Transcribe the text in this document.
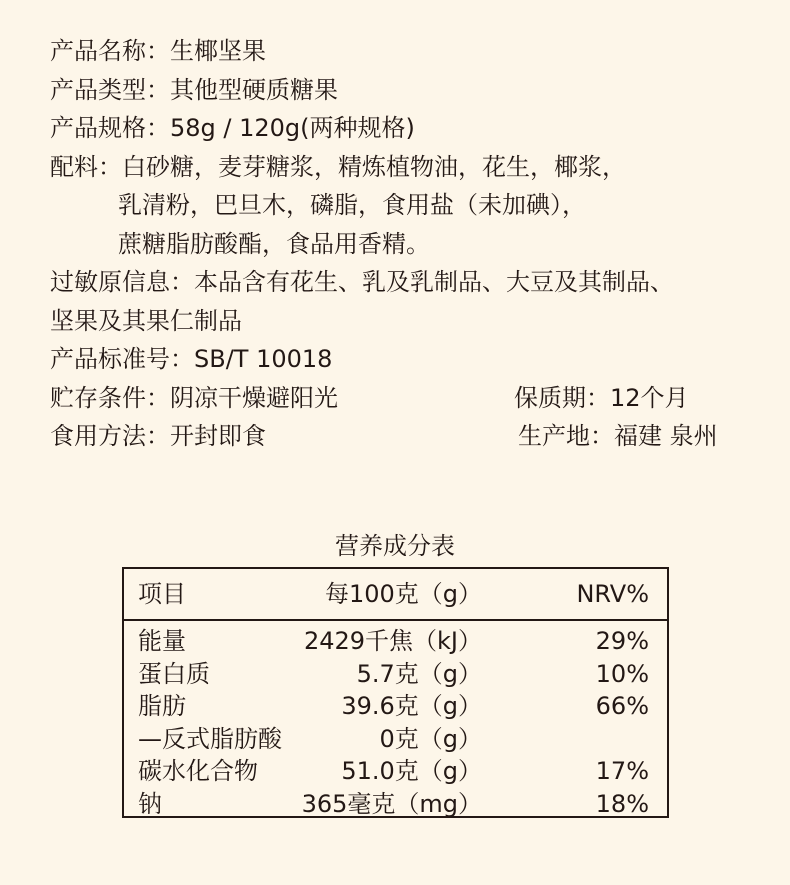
产品名称：生椰坚果
产品类型：其他型硬质糖果
产品规格：58g / 120g(两种规格)
配料：白砂糖，麦芽糖浆，精炼植物油，花生，椰浆，
乳清粉，巴旦木，磷脂，食用盐（未加碘），
蔗糖脂肪酸酯，食品用香精。
过敏原信息：本品含有花生、乳及乳制品、大豆及其制品、
坚果及其果仁制品
产品标准号：SB/T 10018
贮存条件：阴凉干燥避阳光	保质期：12个月
食用方法：开封即食	生产地：福建 泉州
营养成分表
项目	每100克（g）	NRV%
能量	2429千焦（kJ）	29%
蛋白质	5.7克（g）	10%
脂肪	39.6克（g）	66%
—反式脂肪酸	0克（g）
碳水化合物	51.0克（g）	17%
钠	365毫克（mg）	18%
